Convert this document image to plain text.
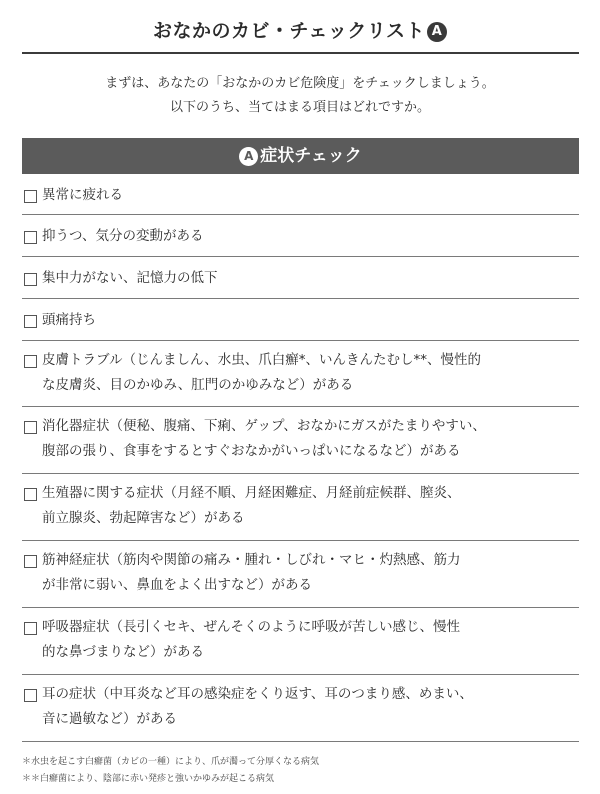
おなかのカビ・チェックリスト A
まずは、あなたの「おなかのカビ危険度」をチェックしましょう。
以下のうち、当てはまる項目はどれですか。
A 症状チェック
異常に疲れる
抑うつ、気分の変動がある
集中力がない、記憶力の低下
頭痛持ち
皮膚トラブル（じんましん、水虫、爪白癬*、いんきんたむし**、慢性的
な皮膚炎、目のかゆみ、肛門のかゆみなど）がある
消化器症状（便秘、腹痛、下痢、ゲップ、おなかにガスがたまりやすい、
腹部の張り、食事をするとすぐおなかがいっぱいになるなど）がある
生殖器に関する症状（月経不順、月経困難症、月経前症候群、膣炎、
前立腺炎、勃起障害など）がある
筋神経症状（筋肉や関節の痛み・腫れ・しびれ・マヒ・灼熱感、筋力
が非常に弱い、鼻血をよく出すなど）がある
呼吸器症状（長引くセキ、ぜんそくのように呼吸が苦しい感じ、慢性
的な鼻づまりなど）がある
耳の症状（中耳炎など耳の感染症をくり返す、耳のつまり感、めまい、
音に過敏など）がある
＊水虫を起こす白癬菌（カビの一種）により、爪が濁って分厚くなる病気
＊＊白癬菌により、陰部に赤い発疹と強いかゆみが起こる病気
